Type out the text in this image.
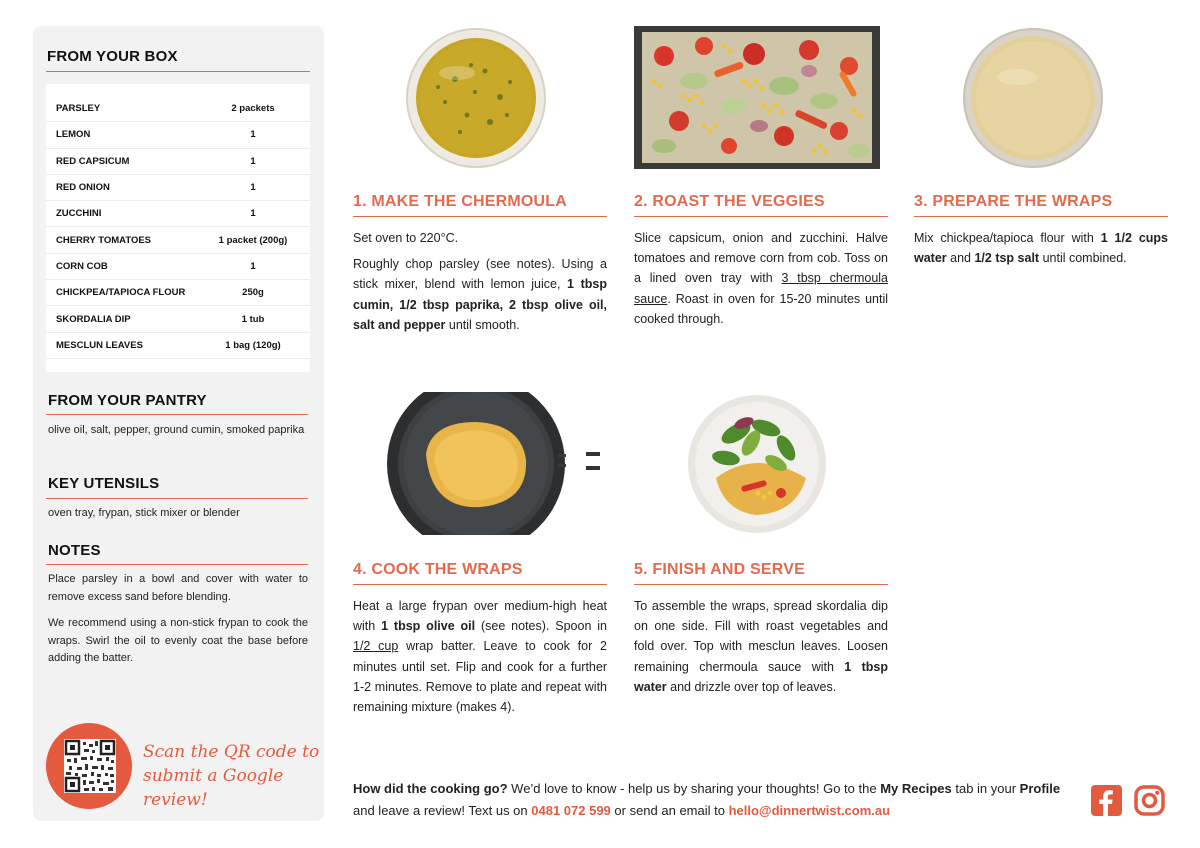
FROM YOUR BOX
PARSLEY	2 packets
LEMON	1
RED CAPSICUM	1
RED ONION	1
ZUCCHINI	1
CHERRY TOMATOES	1 packet (200g)
CORN COB	1
CHICKPEA/TAPIOCA FLOUR	250g
SKORDALIA DIP	1 tub
MESCLUN LEAVES	1 bag (120g)
FROM YOUR PANTRY
olive oil, salt, pepper, ground cumin, smoked paprika
KEY UTENSILS
oven tray, frypan, stick mixer or blender
NOTES

Place parsley in a bowl and cover with water to remove excess sand before blending.

We recommend using a non-stick frypan to cook the wraps. Swirl the oil to evenly coat the base before adding the batter.

Scan the QR code to
submit a Google review!
1. MAKE THE CHERMOULA

Set oven to 220°C.

Roughly chop parsley (see notes). Using a stick mixer, blend with lemon juice, 1 tbsp cumin, 1/2 tbsp paprika, 2 tbsp olive oil, salt and pepper until smooth.

2. ROAST THE VEGGIES

Slice capsicum, onion and zucchini. Halve tomatoes and remove corn from cob. Toss on a lined oven tray with 3 tbsp chermoula sauce. Roast in oven for 15-20 minutes until cooked through.

3. PREPARE THE WRAPS

Mix chickpea/tapioca flour with 1 1/2 cups water and 1/2 tsp salt until combined.

4. COOK THE WRAPS

Heat a large frypan over medium-high heat with 1 tbsp olive oil (see notes). Spoon in 1/2 cup wrap batter. Leave to cook for 2 minutes until set. Flip and cook for a further 1-2 minutes. Remove to plate and repeat with remaining mixture (makes 4).

5. FINISH AND SERVE

To assemble the wraps, spread skordalia dip on one side. Fill with roast vegetables and fold over. Top with mesclun leaves. Loosen remaining chermoula sauce with 1 tbsp water and drizzle over top of leaves.

How did the cooking go? We’d love to know - help us by sharing your thoughts! Go to the My Recipes tab in your Profile and leave a review! Text us on 0481 072 599 or send an email to hello@dinnertwist.com.au
